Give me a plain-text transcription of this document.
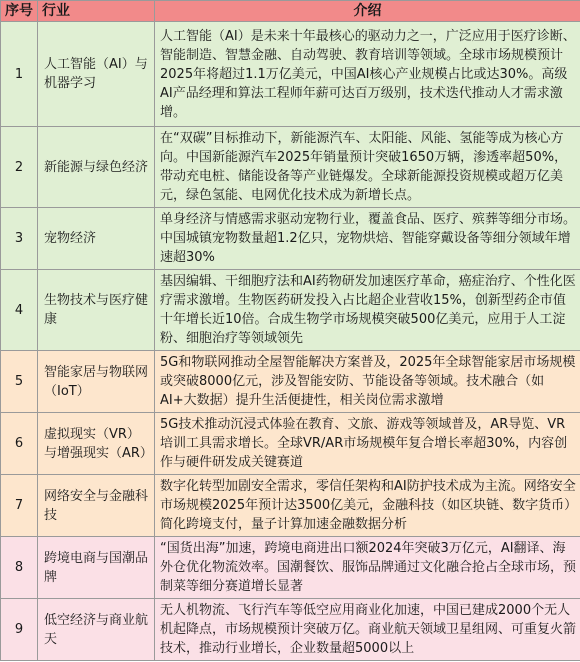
序号	行业	介绍
1	人工智能（AI）与机器学习	人工智能（AI）是未来十年最核心的驱动力之一，广泛应用于医疗诊断、智能制造、智慧金融、自动驾驶、教育培训等领域。全球市场规模预计2025年将超过1.1万亿美元，中国AI核心产业规模占比或达30%。高级AI产品经理和算法工程师年薪可达百万级别，技术迭代推动人才需求激增。
2	新能源与绿色经济	在“双碳”目标推动下，新能源汽车、太阳能、风能、氢能等成为核心方向。中国新能源汽车2025年销量预计突破1650万辆，渗透率超50%，带动充电桩、储能设备等产业链爆发。全球新能源投资规模或超万亿美元，绿色氢能、电网优化技术成为新增长点。
3	宠物经济	单身经济与情感需求驱动宠物行业，覆盖食品、医疗、殡葬等细分市场。中国城镇宠物数量超1.2亿只，宠物烘焙、智能穿戴设备等细分领域年增速超30%
4	生物技术与医疗健康	基因编辑、干细胞疗法和AI药物研发加速医疗革命，癌症治疗、个性化医疗需求激增。生物医药研发投入占比超企业营收15%，创新型药企市值十年增长近10倍。合成生物学市场规模突破500亿美元，应用于人工淀粉、细胞治疗等领域领先
5	智能家居与物联网（IoT）	5G和物联网推动全屋智能解决方案普及，2025年全球智能家居市场规模或突破8000亿元，涉及智能安防、节能设备等领域。技术融合（如AI+大数据）提升生活便捷性，相关岗位需求激增
6	虚拟现实（VR）与增强现实（AR）	5G技术推动沉浸式体验在教育、文旅、游戏等领域普及，AR导览、VR培训工具需求增长。全球VR/AR市场规模年复合增长率超30%，内容创作与硬件研发成关键赛道
7	网络安全与金融科技	数字化转型加剧安全需求，零信任架构和AI防护技术成为主流。网络安全市场规模2025年预计达3500亿美元，金融科技（如区块链、数字货币）简化跨境支付，量子计算加速金融数据分析
8	跨境电商与国潮品牌	“国货出海”加速，跨境电商进出口额2024年突破3万亿元，AI翻译、海外仓优化物流效率。国潮餐饮、服饰品牌通过文化融合抢占全球市场，预制菜等细分赛道增长显著
9	低空经济与商业航天	无人机物流、飞行汽车等低空应用商业化加速，中国已建成2000个无人机起降点，市场规模预计突破万亿。商业航天领域卫星组网、可重复火箭技术，推动行业增长，企业数量超5000以上
